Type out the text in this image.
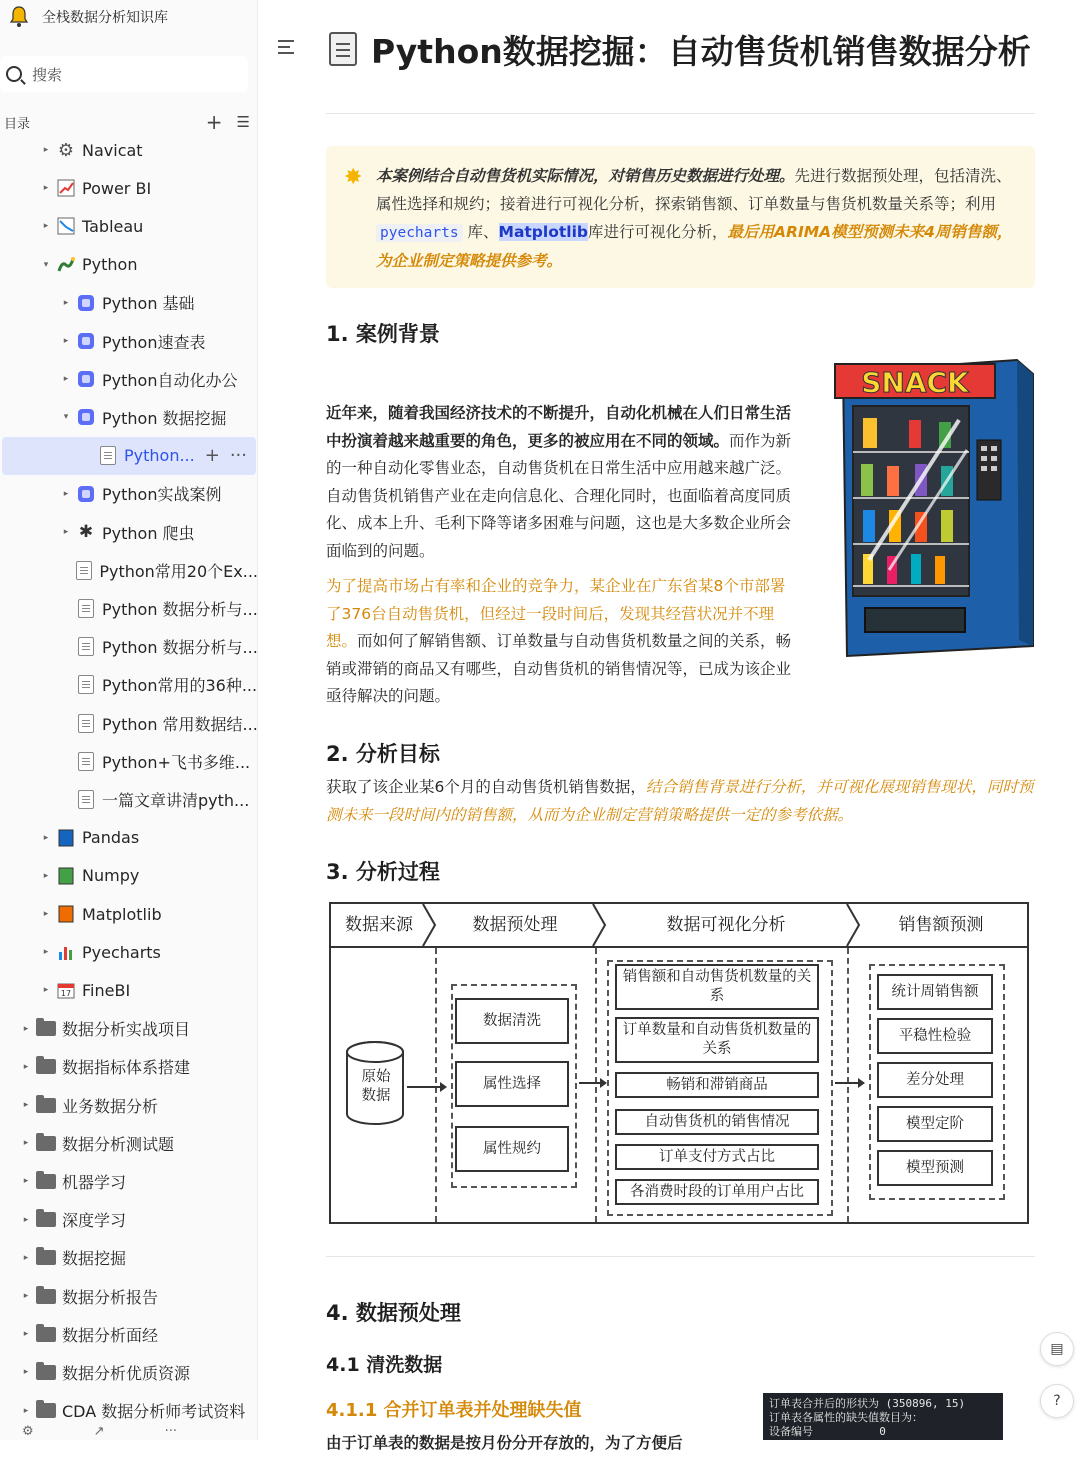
全栈数据分析知识库
搜索
目录	+ ☰
▸ ⚙ Navicat
▸ Power BI
▸ Tableau
▾ Python
▸ Python 基础
▸ Python速查表
▸ Python自动化办公
▾ Python 数据挖掘
Python... + ···
▸ Python实战案例
▸ ✱ Python 爬虫
Python常用20个Ex...
Python 数据分析与...
Python 数据分析与...
Python常用的36种...
Python 常用数据结...
Python+飞书多维...
一篇文章讲清pyth...
▸ Pandas
▸ Numpy
▸ Matplotlib
▸ Pyecharts
▸	17 FineBI
▸ 数据分析实战项目
▸ 数据指标体系搭建
▸ 业务数据分析
▸ 数据分析测试题
▸ 机器学习
▸ 深度学习
▸ 数据挖掘
▸ 数据分析报告
▸ 数据分析面经
▸ 数据分析优质资源
▸ CDA 数据分析师考试资料
⚙	↗	···
Python数据挖掘：自动售货机销售数据分析
✸ 本案例结合自动售货机实际情况，对销售历史数据进行处理。先进行数据预处理，包括清洗、属性选择和规约；接着进行可视化分析，探索销售额、订单数量与售货机数量关系等；利用 pyecharts 库、Matplotlib库进行可视化分析，最后用ARIMA模型预测未来4周销售额，为企业制定策略提供参考。
1. 案例背景
近年来，随着我国经济技术的不断提升，自动化机械在人们日常生活中扮演着越来越重要的角色，更多的被应用在不同的领域。而作为新的一种自动化零售业态，自动售货机在日常生活中应用越来越广泛。自动售货机销售产业在走向信息化、合理化同时，也面临着高度同质化、成本上升、毛利下降等诸多困难与问题，这也是大多数企业所会面临到的问题。
为了提高市场占有率和企业的竞争力，某企业在广东省某8个市部署了376台自动售货机，但经过一段时间后，发现其经营状况并不理想。而如何了解销售额、订单数量与自动售货机数量之间的关系，畅销或滞销的商品又有哪些，自动售货机的销售情况等，已成为该企业亟待解决的问题。
SNACK
2. 分析目标
获取了该企业某6个月的自动售货机销售数据，结合销售背景进行分析，并可视化展现销售现状，同时预测未来一段时间内的销售额，从而为企业制定营销策略提供一定的参考依据。
3. 分析过程
数据来源	数据预处理	数据可视化分析	销售额预测
原始
数据
数据清洗
属性选择
属性规约
销售额和自动售货机数量的关系
订单数量和自动售货机数量的关系
畅销和滞销商品
自动售货机的销售情况
订单支付方式占比
各消费时段的订单用户占比
统计周销售额
平稳性检验
差分处理
模型定阶
模型预测
4. 数据预处理
4.1 清洗数据
4.1.1 合并订单表并处理缺失值
由于订单表的数据是按月份分开存放的，为了方便后
订单表合并后的形状为 (350896, 15)
订单表各属性的缺失值数目为：
设备编号          0
▤
?
